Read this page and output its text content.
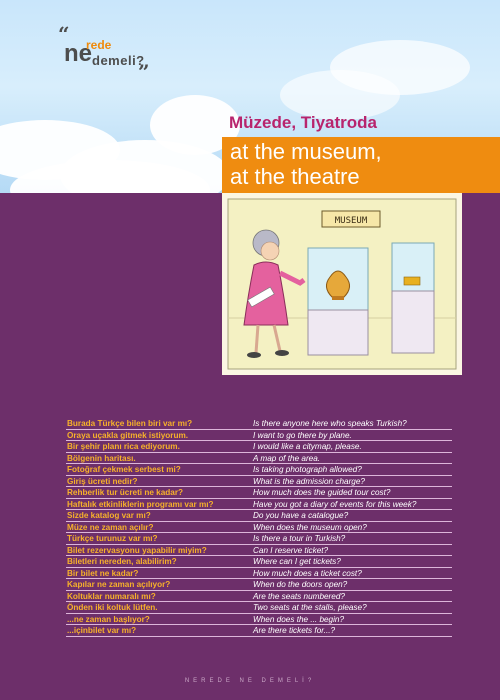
“
ne
rede
demeli?
”
Müzede, Tiyatroda
at the museum,
at the theatre
MUSEUM
Burada Türkçe bilen biri var mı?	Is there anyone here who speaks Turkish?
Oraya uçakla gitmek istiyorum.	I want to go there by plane.
Bir şehir planı rica ediyorum.	I would like a citymap, please.
Bölgenin haritası.	A map of the area.
Fotoğraf çekmek serbest mi?	Is taking photograph allowed?
Giriş ücreti nedir?	What is the admission charge?
Rehberlik tur ücreti ne kadar?	How much does the guided tour cost?
Haftalık etkinliklerin programı var mı?	Have you got a diary of events for this week?
Sizde katalog var mı?	Do you have a catalogue?
Müze ne zaman açılır?	When does the museum open?
Türkçe turunuz var mı?	Is there a tour in Turkish?
Bilet rezervasyonu yapabilir miyim?	Can I reserve ticket?
Biletleri nereden, alabilirim?	Where can I get tickets?
Bir bilet ne kadar?	How much does a ticket cost?
Kapılar ne zaman açılıyor?	When do the doors open?
Koltuklar numaralı mı?	Are the seats numbered?
Önden iki koltuk lütfen.	Two seats at the stalls, please?
...ne zaman başlıyor?	When does the ... begin?
...içinbilet var mı?	Are there tickets for...?
NEREDE NE DEMELİ?
